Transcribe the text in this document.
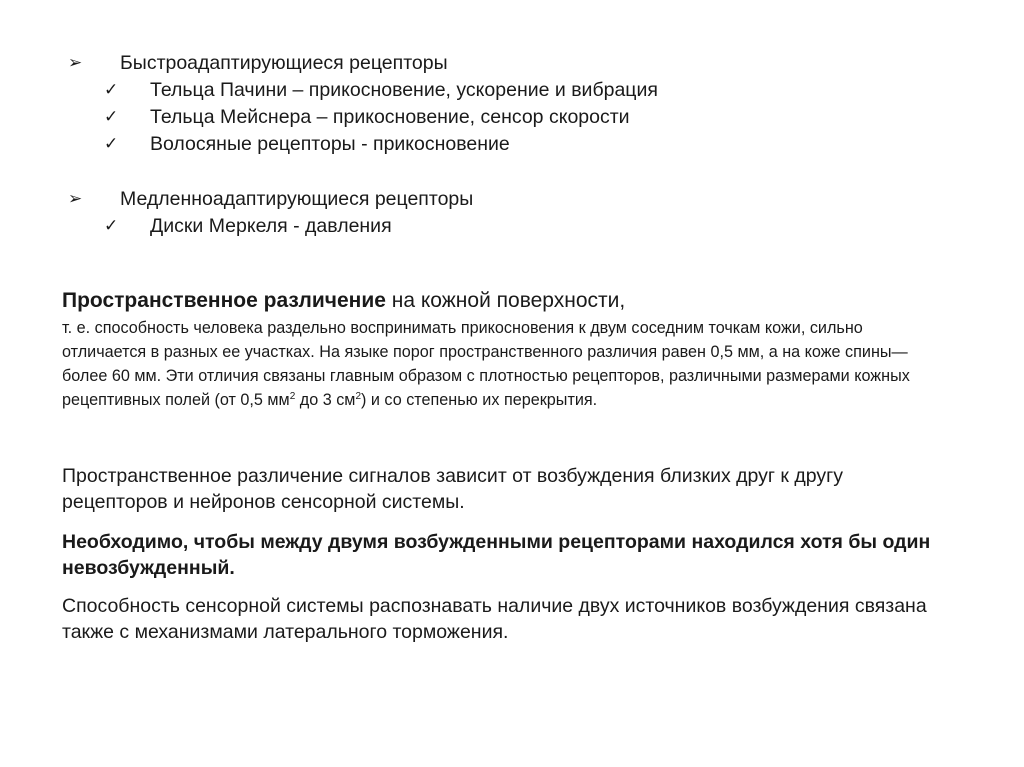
➢ Быстроадаптирующиеся рецепторы
✓ Тельца Пачини – прикосновение, ускорение и вибрация
✓ Тельца Мейснера – прикосновение, сенсор скорости
✓ Волосяные рецепторы - прикосновение
➢ Медленноадаптирующиеся рецепторы
✓ Диски Меркеля - давления
Пространственное различение на кожной поверхности,
т. е. способность человека раздельно воспринимать прикосновения к двум соседним точкам кожи, сильно отличается в разных ее участках. На языке порог пространственного различия равен 0,5 мм, а на коже спины—более 60 мм. Эти отличия связаны главным образом с плотностью рецепторов, различными размерами кожных рецептивных полей (от 0,5 $мм^2$ до 3 $см^2$) и со степенью их перекрытия.
Пространственное различение сигналов зависит от возбуждения близких друг к другу рецепторов и нейронов сенсорной системы.
Необходимо, чтобы между двумя возбужденными рецепторами находился хотя бы один невозбужденный.
Способность сенсорной системы распознавать наличие двух источников возбуждения связана также с механизмами латерального торможения.
